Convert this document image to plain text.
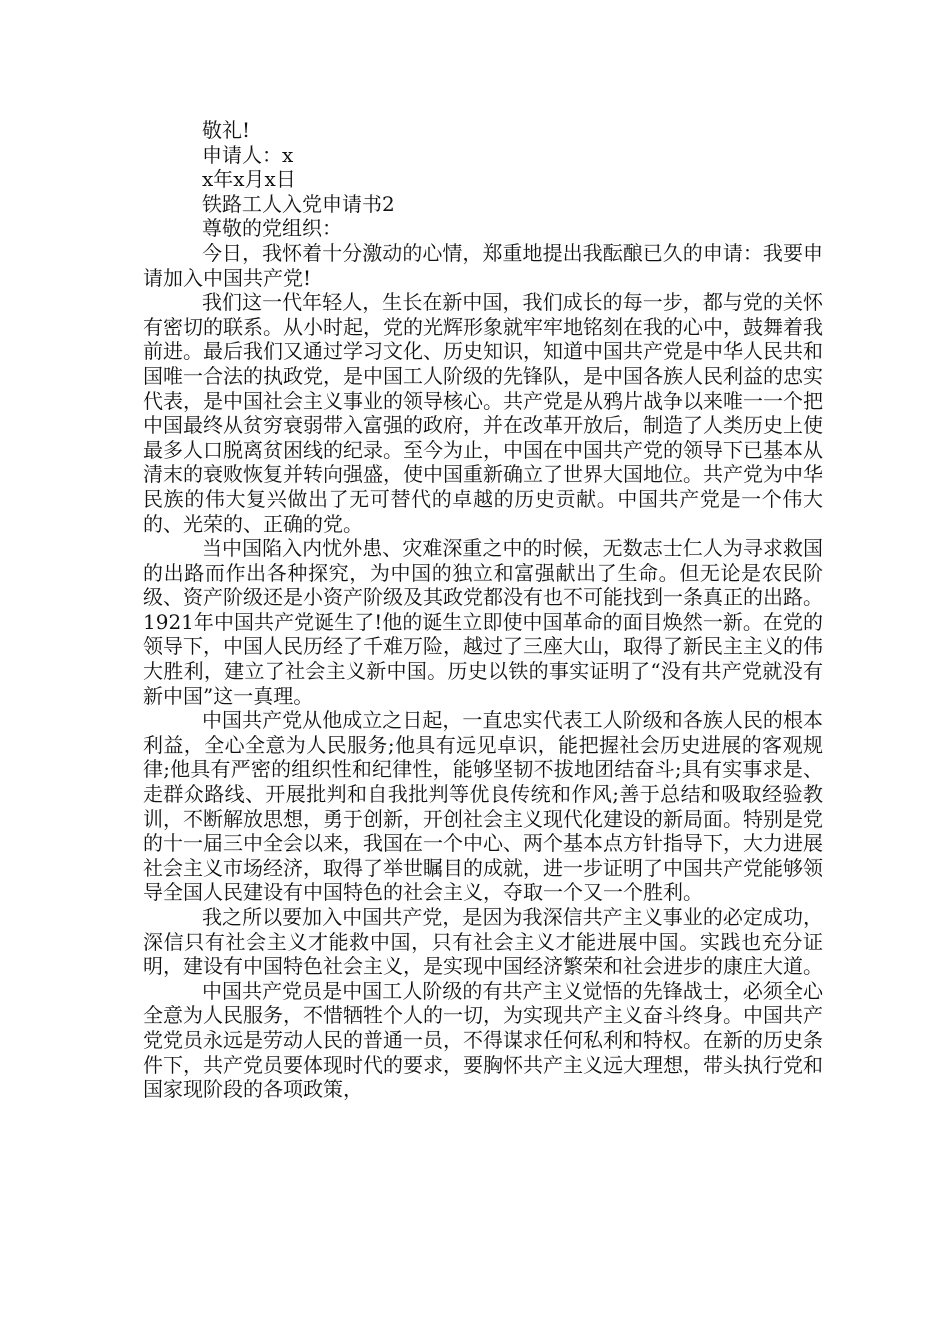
敬礼!

申请人：x

x年x月x日

铁路工人入党申请书2

尊敬的党组织：

今日，我怀着十分激动的心情，郑重地提出我酝酿已久的申请：我要申请加入中国共产党!

我们这一代年轻人，生长在新中国，我们成长的每一步，都与党的关怀有密切的联系。从小时起，党的光辉形象就牢牢地铭刻在我的心中，鼓舞着我前进。最后我们又通过学习文化、历史知识，知道中国共产党是中华人民共和国唯一合法的执政党，是中国工人阶级的先锋队，是中国各族人民利益的忠实代表，是中国社会主义事业的领导核心。共产党是从鸦片战争以来唯一一个把中国最终从贫穷衰弱带入富强的政府，并在改革开放后，制造了人类历史上使最多人口脱离贫困线的纪录。至今为止，中国在中国共产党的领导下已基本从清末的衰败恢复并转向强盛，使中国重新确立了世界大国地位。共产党为中华民族的伟大复兴做出了无可替代的卓越的历史贡献。中国共产党是一个伟大的、光荣的、正确的党。

当中国陷入内忧外患、灾难深重之中的时候，无数志士仁人为寻求救国的出路而作出各种探究，为中国的独立和富强献出了生命。但无论是农民阶级、资产阶级还是小资产阶级及其政党都没有也不可能找到一条真正的出路。1921年中国共产党诞生了!他的诞生立即使中国革命的面目焕然一新。在党的领导下，中国人民历经了千难万险，越过了三座大山，取得了新民主主义的伟大胜利，建立了社会主义新中国。历史以铁的事实证明了“没有共产党就没有新中国”这一真理。

中国共产党从他成立之日起，一直忠实代表工人阶级和各族人民的根本利益，全心全意为人民服务;他具有远见卓识，能把握社会历史进展的客观规律;他具有严密的组织性和纪律性，能够坚韧不拔地团结奋斗;具有实事求是、走群众路线、开展批判和自我批判等优良传统和作风;善于总结和吸取经验教训，不断解放思想，勇于创新，开创社会主义现代化建设的新局面。特别是党的十一届三中全会以来，我国在一个中心、两个基本点方针指导下，大力进展社会主义市场经济，取得了举世瞩目的成就，进一步证明了中国共产党能够领导全国人民建设有中国特色的社会主义，夺取一个又一个胜利。

我之所以要加入中国共产党，是因为我深信共产主义事业的必定成功，深信只有社会主义才能救中国，只有社会主义才能进展中国。实践也充分证明，建设有中国特色社会主义，是实现中国经济繁荣和社会进步的康庄大道。

中国共产党员是中国工人阶级的有共产主义觉悟的先锋战士，必须全心全意为人民服务，不惜牺牲个人的一切，为实现共产主义奋斗终身。中国共产党党员永远是劳动人民的普通一员，不得谋求任何私利和特权。在新的历史条件下，共产党员要体现时代的要求，要胸怀共产主义远大理想，带头执行党和国家现阶段的各项政策，
